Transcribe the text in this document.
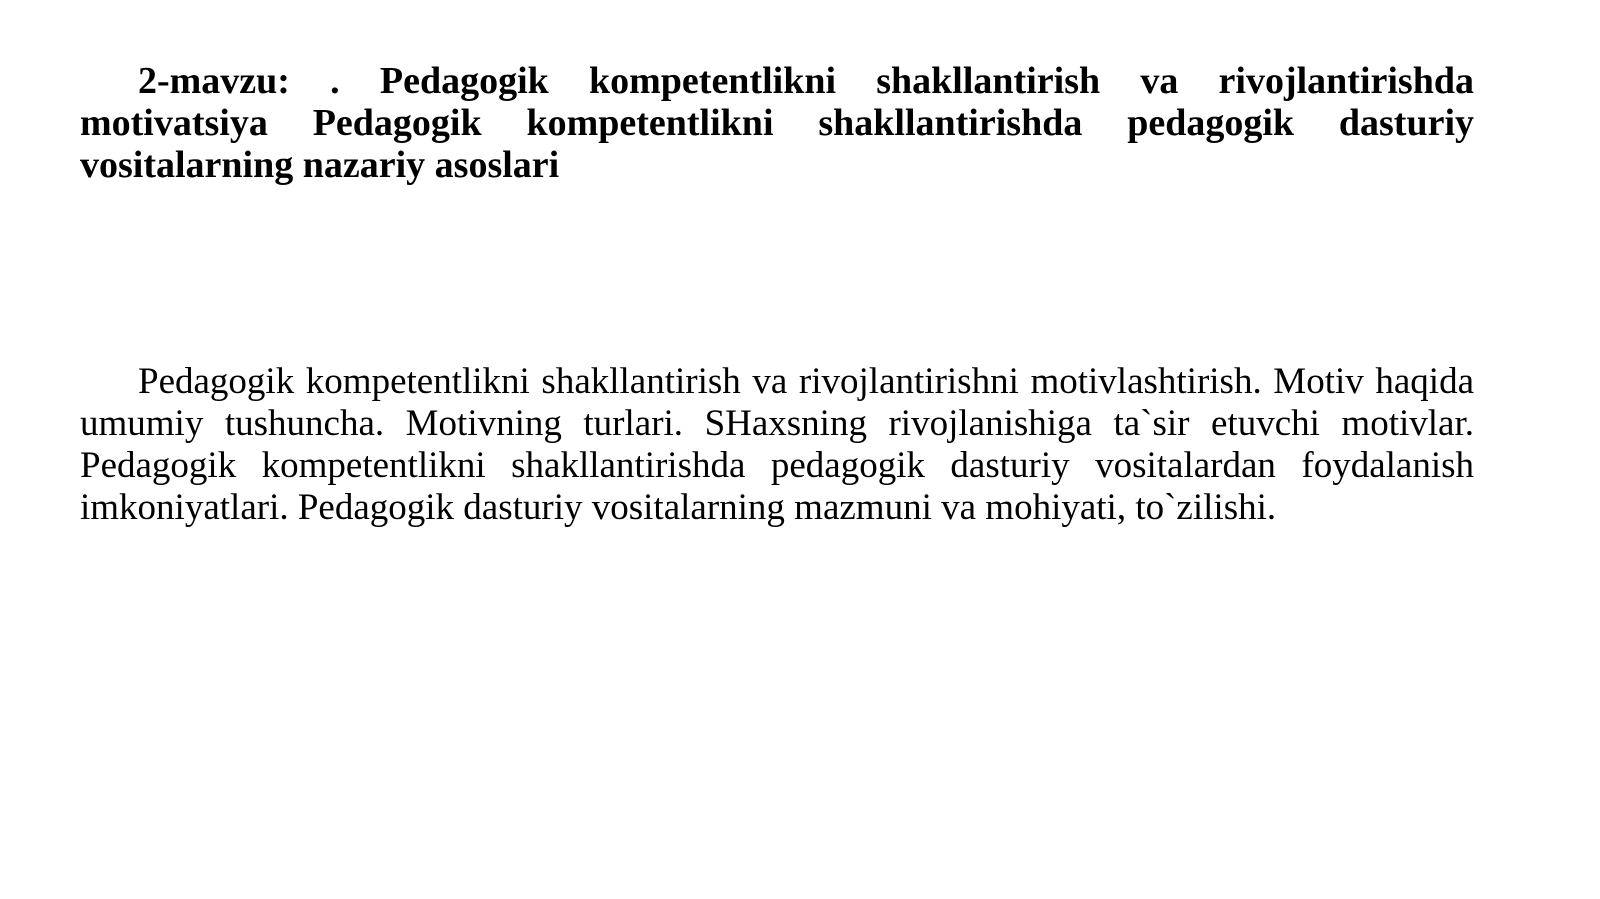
2-mavzu: . Pedagogik kompetentlikni shakllantirish va rivojlantirishda motivatsiya Pedagogik kompetentlikni shakllantirishda pedagogik dasturiy vositalarning nazariy asoslari

Pedagogik kompetentlikni shakllantirish va rivojlantirishni motivlashtirish. Motiv haqida umumiy tushuncha. Motivning turlari. SHaxsning rivojlanishiga ta`sir etuvchi motivlar. Pedagogik kompetentlikni shakllantirishda pedagogik dasturiy vositalardan foydalanish imkoniyatlari. Pedagogik dasturiy vositalarning mazmuni va mohiyati, to`zilishi.
